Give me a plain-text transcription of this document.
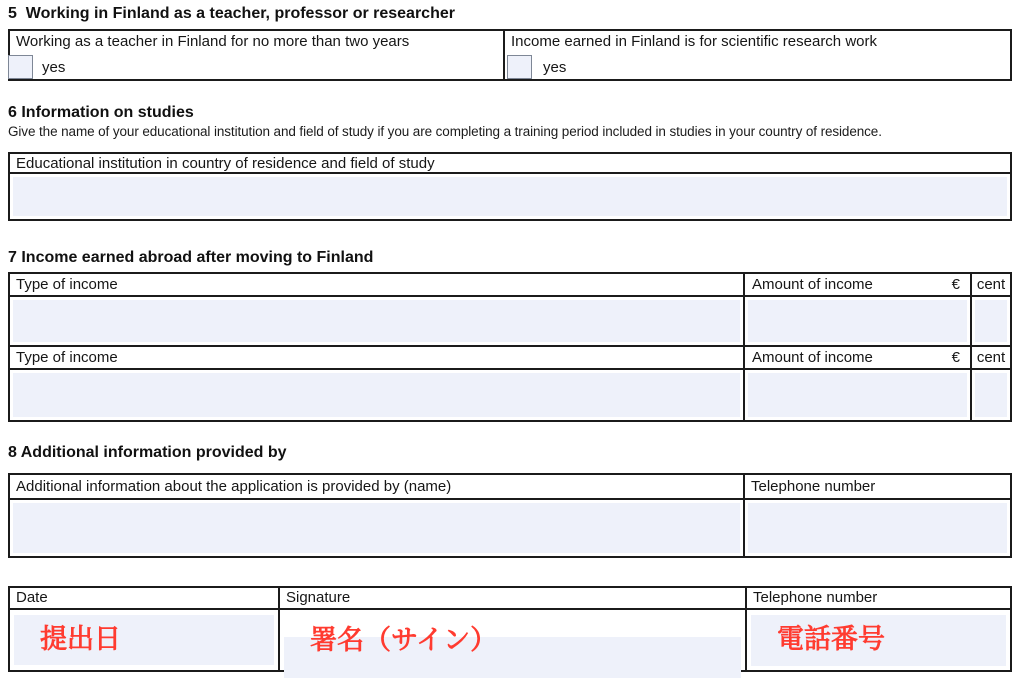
5  Working in Finland as a teacher, professor or researcher
Working as a teacher in Finland for no more than two years
yes
Income earned in Finland is for scientific research work
yes
6 Information on studies
Give the name of your educational institution and field of study if you are completing a training period included in studies in your country of residence.
Educational institution in country of residence and field of study
7 Income earned abroad after moving to Finland
Type of income	Amount of income	€	cent
Type of income	Amount of income	€	cent
8 Additional information provided by
Additional information about the application is provided by (name)	Telephone number
Date	Signature	Telephone number
提出日	署名（サイン）	電話番号
